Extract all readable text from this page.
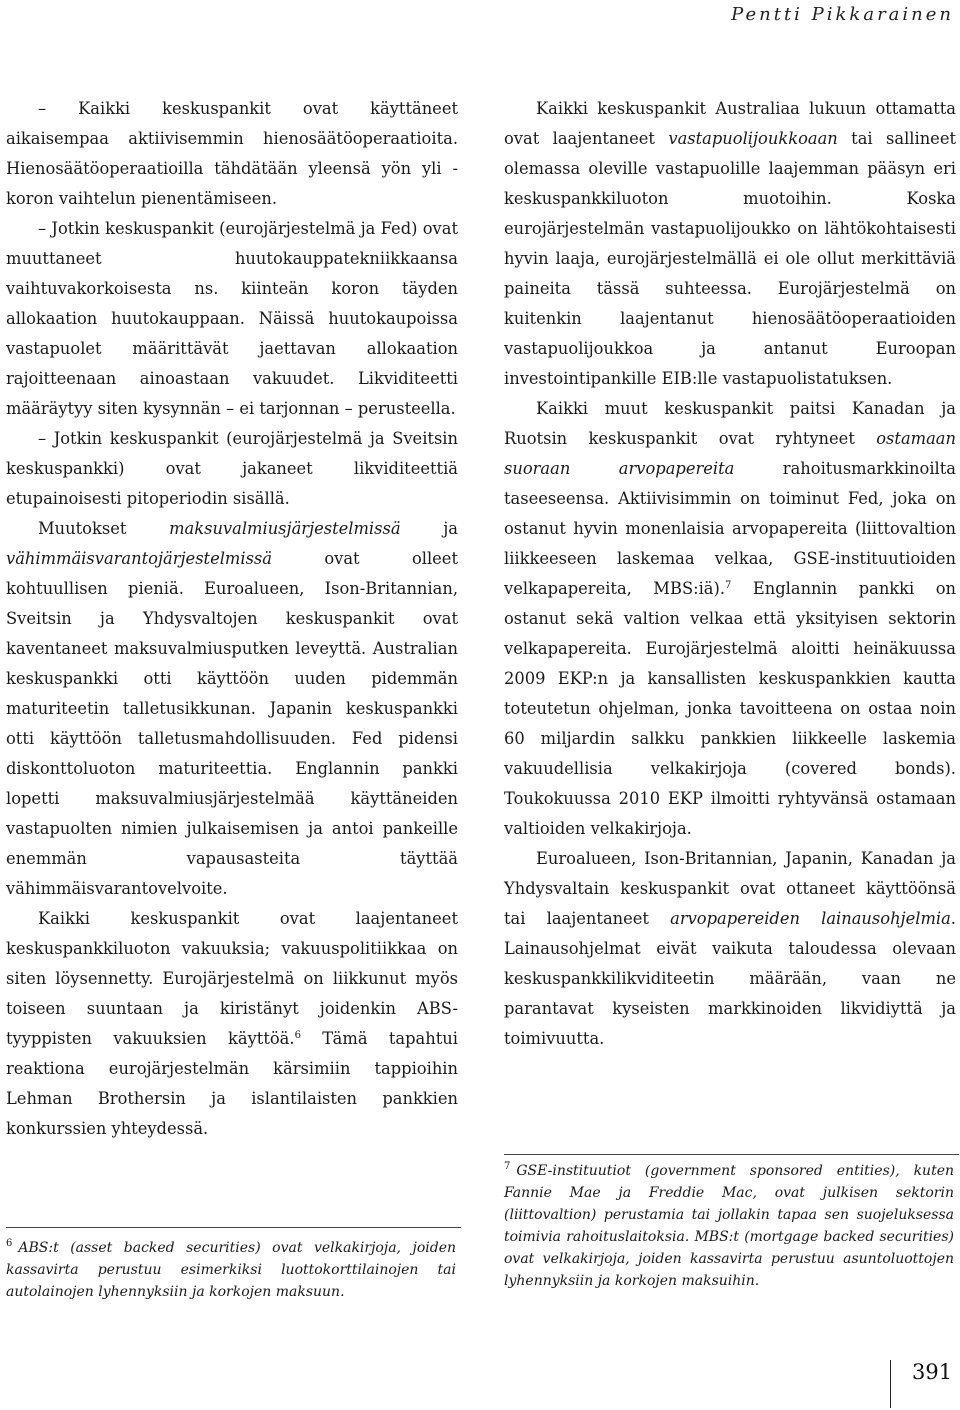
Pentti Pikkarainen

– Kaikki keskuspankit ovat käyttäneet aikaisempaa aktiivisemmin hienosäätöoperaatioita. Hienosäätöoperaatioilla tähdätään yleensä yön yli -koron vaihtelun pienentämiseen.

– Jotkin keskuspankit (eurojärjestelmä ja Fed) ovat muuttaneet huutokauppatekniikkaansa vaihtuvakorkoisesta ns. kiinteän koron täyden allokaation huutokauppaan. Näissä huutokaupoissa vastapuolet määrittävät jaettavan allokaation rajoitteenaan ainoastaan vakuudet. Likviditeetti määräytyy siten kysynnän – ei tarjonnan – perusteella.

– Jotkin keskuspankit (eurojärjestelmä ja Sveitsin keskuspankki) ovat jakaneet likviditeettiä etupainoisesti pitoperiodin sisällä.

Muutokset maksuvalmiusjärjestelmissä ja vähimmäisvarantojärjestelmissä ovat olleet kohtuullisen pieniä. Euroalueen, Ison-Britannian, Sveitsin ja Yhdysvaltojen keskuspankit ovat kaventaneet maksuvalmiusputken leveyttä. Australian keskuspankki otti käyttöön uuden pidemmän maturiteetin talletusikkunan. Japanin keskuspankki otti käyttöön talletusmahdollisuuden. Fed pidensi diskonttoluoton maturiteettia. Englannin pankki lopetti maksuvalmiusjärjestelmää käyttäneiden vastapuolten nimien julkaisemisen ja antoi pankeille enemmän vapausasteita täyttää vähimmäisvarantovelvoite.

Kaikki keskuspankit ovat laajentaneet keskuspankkiluoton vakuuksia; vakuuspolitiikkaa on siten löysennetty. Eurojärjestelmä on liikkunut myös toiseen suuntaan ja kiristänyt joidenkin ABS-tyyppisten vakuuksien käyttöä.$^6$ Tämä tapahtui reaktiona eurojärjestelmän kärsimiin tappioihin Lehman Brothersin ja islantilaisten pankkien konkurssien yhteydessä.

Kaikki keskuspankit Australiaa lukuun ottamatta ovat laajentaneet vastapuolijoukkoaan tai sallineet olemassa oleville vastapuolille laajemman pääsyn eri keskuspankkiluoton muotoihin. Koska eurojärjestelmän vastapuolijoukko on lähtökohtaisesti hyvin laaja, eurojärjestelmällä ei ole ollut merkittäviä paineita tässä suhteessa. Eurojärjestelmä on kuitenkin laajentanut hienosäätöoperaatioiden vastapuolijoukkoa ja antanut Euroopan investointipankille EIB:lle vastapuolistatuksen.

Kaikki muut keskuspankit paitsi Kanadan ja Ruotsin keskuspankit ovat ryhtyneet ostamaan suoraan arvopapereita rahoitusmarkkinoilta taseeseensa. Aktiivisimmin on toiminut Fed, joka on ostanut hyvin monenlaisia arvopapereita (liittovaltion liikkeeseen laskemaa velkaa, GSE-instituutioiden velkapapereita, MBS:iä).$^7$ Englannin pankki on ostanut sekä valtion velkaa että yksityisen sektorin velkapapereita. Eurojärjestelmä aloitti heinäkuussa 2009 EKP:n ja kansallisten keskuspankkien kautta toteutetun ohjelman, jonka tavoitteena on ostaa noin 60 miljardin salkku pankkien liikkeelle laskemia vakuudellisia velkakirjoja (covered bonds). Toukokuussa 2010 EKP ilmoitti ryhtyvänsä ostamaan valtioiden velkakirjoja.

Euroalueen, Ison-Britannian, Japanin, Kanadan ja Yhdysvaltain keskuspankit ovat ottaneet käyttöönsä tai laajentaneet arvopapereiden lainausohjelmia. Lainausohjelmat eivät vaikuta taloudessa olevaan keskuspankkilikviditeetin määrään, vaan ne parantavat kyseisten markkinoiden likvidiyttä ja toimivuutta.

$^6$ ABS:t (asset backed securities) ovat velkakirjoja, joiden kassavirta perustuu esimerkiksi luottokorttilainojen tai autolainojen lyhennyksiin ja korkojen maksuun.

$^7$ GSE-instituutiot (government sponsored entities), kuten Fannie Mae ja Freddie Mac, ovat julkisen sektorin (liittovaltion) perustamia tai jollakin tapaa sen suojeluksessa toimivia rahoituslaitoksia. MBS:t (mortgage backed securities) ovat velkakirjoja, joiden kassavirta perustuu asuntoluottojen lyhennyksiin ja korkojen maksuihin.

391
